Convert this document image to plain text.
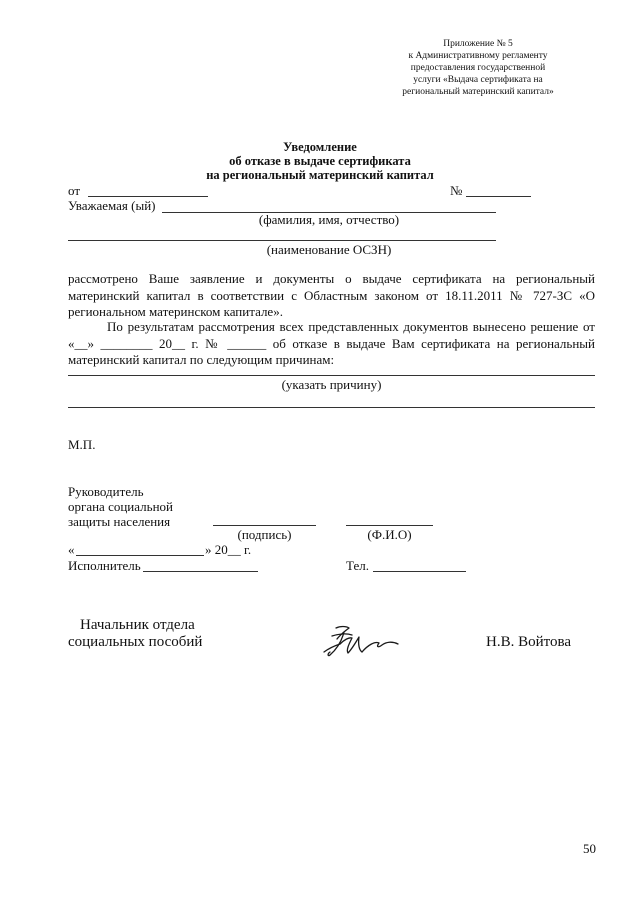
Приложение № 5
к Административному регламенту
предоставления государственной
услуги «Выдача сертификата на
региональный материнский капитал»
Уведомление
об отказе в выдаче сертификата
на региональный материнский капитал
от	№
Уважаемая (ый)
(фамилия, имя, отчество)
(наименование ОСЗН)
рассмотрено Ваше заявление и документы о выдаче сертификата на региональный
материнский капитал в соответствии с Областным законом от 18.11.2011 № 727-ЗС «О
региональном материнском капитале».
По результатам рассмотрения всех представленных документов вынесено решение от
«__» ________ 20__ г. № ______ об отказе в выдаче Вам сертификата на региональный
материнский капитал по следующим причинам:
(указать причину)
М.П.
Руководитель
органа социальной
защиты населения
(подпись)	(Ф.И.О)
«	» 20__ г.
Исполнитель	Тел.
Начальник отдела
социальных пособий	Н.В. Войтова
50
